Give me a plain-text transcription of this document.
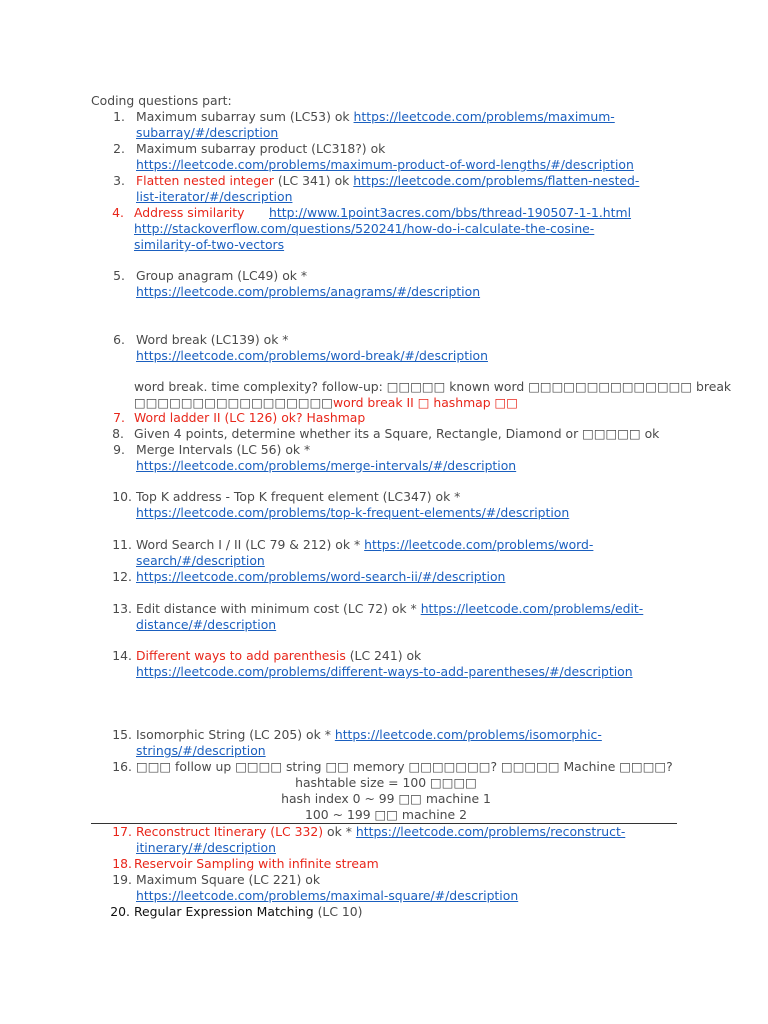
Coding questions part:
1. Maximum subarray sum (LC53) ok https://leetcode.com/problems/maximum-
subarray/#/description
2. Maximum subarray product (LC318?) ok
https://leetcode.com/problems/maximum-product-of-word-lengths/#/description
3. Flatten nested integer (LC 341) ok https://leetcode.com/problems/flatten-nested-
list-iterator/#/description
4. Address similarity http://www.1point3acres.com/bbs/thread-190507-1-1.html
http://stackoverflow.com/questions/520241/how-do-i-calculate-the-cosine-
similarity-of-two-vectors
5. Group anagram (LC49) ok *
https://leetcode.com/problems/anagrams/#/description
6. Word break (LC139) ok *
https://leetcode.com/problems/word-break/#/description
word break. time complexity? follow-up: □□□□□ known word □□□□□□□□□□□□□□ break
□□□□□□□□□□□□□□□□□word break II □ hashmap □□
7. Word ladder II (LC 126) ok? Hashmap
8. Given 4 points, determine whether its a Square, Rectangle, Diamond or □□□□□ ok
9. Merge Intervals (LC 56) ok *
https://leetcode.com/problems/merge-intervals/#/description
10. Top K address - Top K frequent element (LC347) ok *
https://leetcode.com/problems/top-k-frequent-elements/#/description
11. Word Search I / II (LC 79 & 212) ok * https://leetcode.com/problems/word-
search/#/description
12. https://leetcode.com/problems/word-search-ii/#/description
13. Edit distance with minimum cost (LC 72) ok * https://leetcode.com/problems/edit-
distance/#/description
14. Different ways to add parenthesis (LC 241) ok
https://leetcode.com/problems/different-ways-to-add-parentheses/#/description
15. Isomorphic String (LC 205) ok * https://leetcode.com/problems/isomorphic-
strings/#/description
16. □□□ follow up □□□□ string □□ memory □□□□□□□? □□□□□ Machine □□□□?
hashtable size = 100 □□□□
hash index 0 ~ 99 □□ machine 1
100 ~ 199 □□ machine 2
17. Reconstruct Itinerary (LC 332) ok * https://leetcode.com/problems/reconstruct-
itinerary/#/description
18. Reservoir Sampling with infinite stream
19. Maximum Square (LC 221) ok
https://leetcode.com/problems/maximal-square/#/description
20. Regular Expression Matching (LC 10)
